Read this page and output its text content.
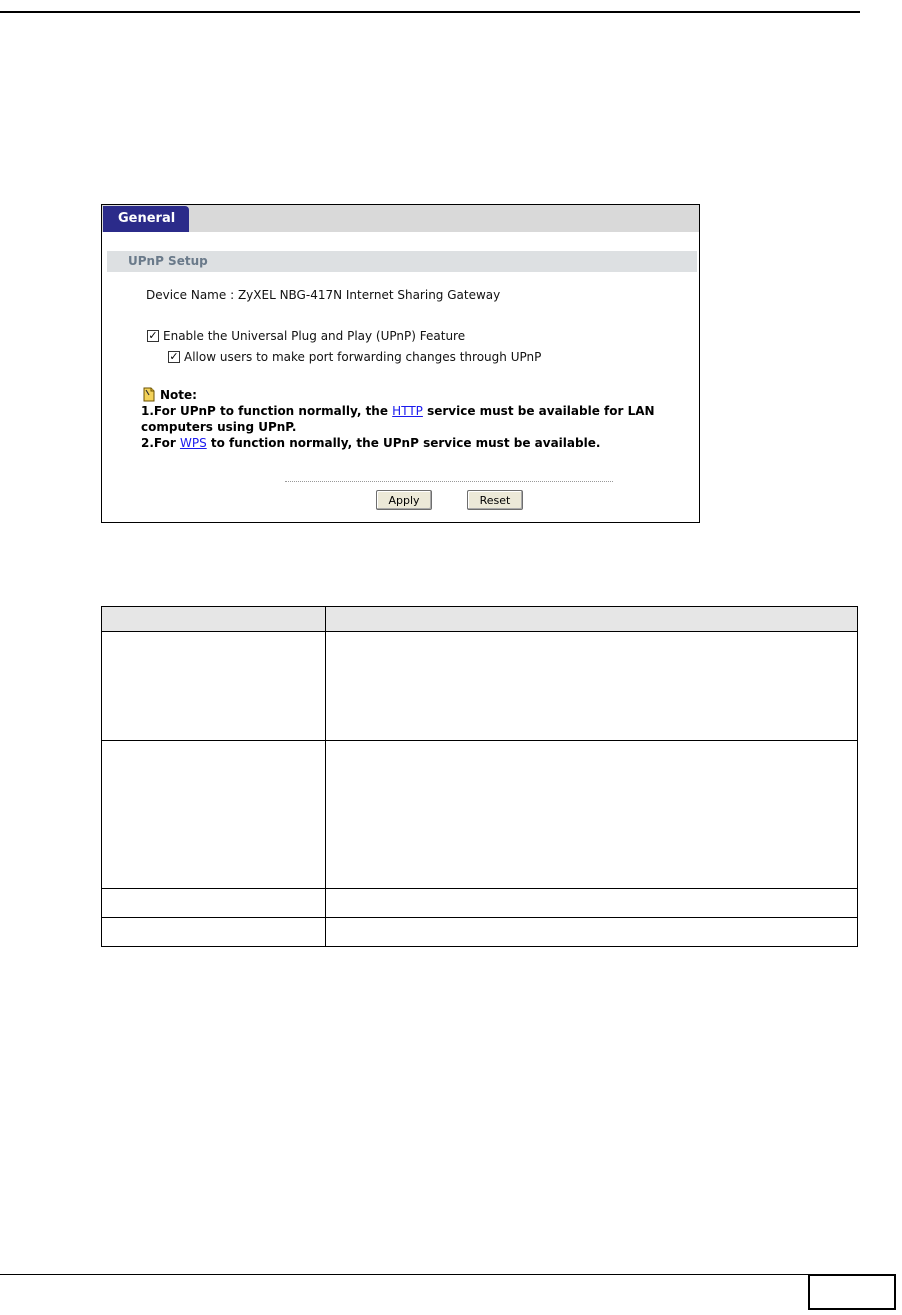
General
UPnP Setup
Device Name : ZyXEL NBG-417N Internet Sharing Gateway
✓ Enable the Universal Plug and Play (UPnP) Feature
✓ Allow users to make port forwarding changes through UPnP
Note:
1.For UPnP to function normally, the HTTP service must be available for LAN
computers using UPnP.
2.For WPS to function normally, the UPnP service must be available.
Apply	Reset
